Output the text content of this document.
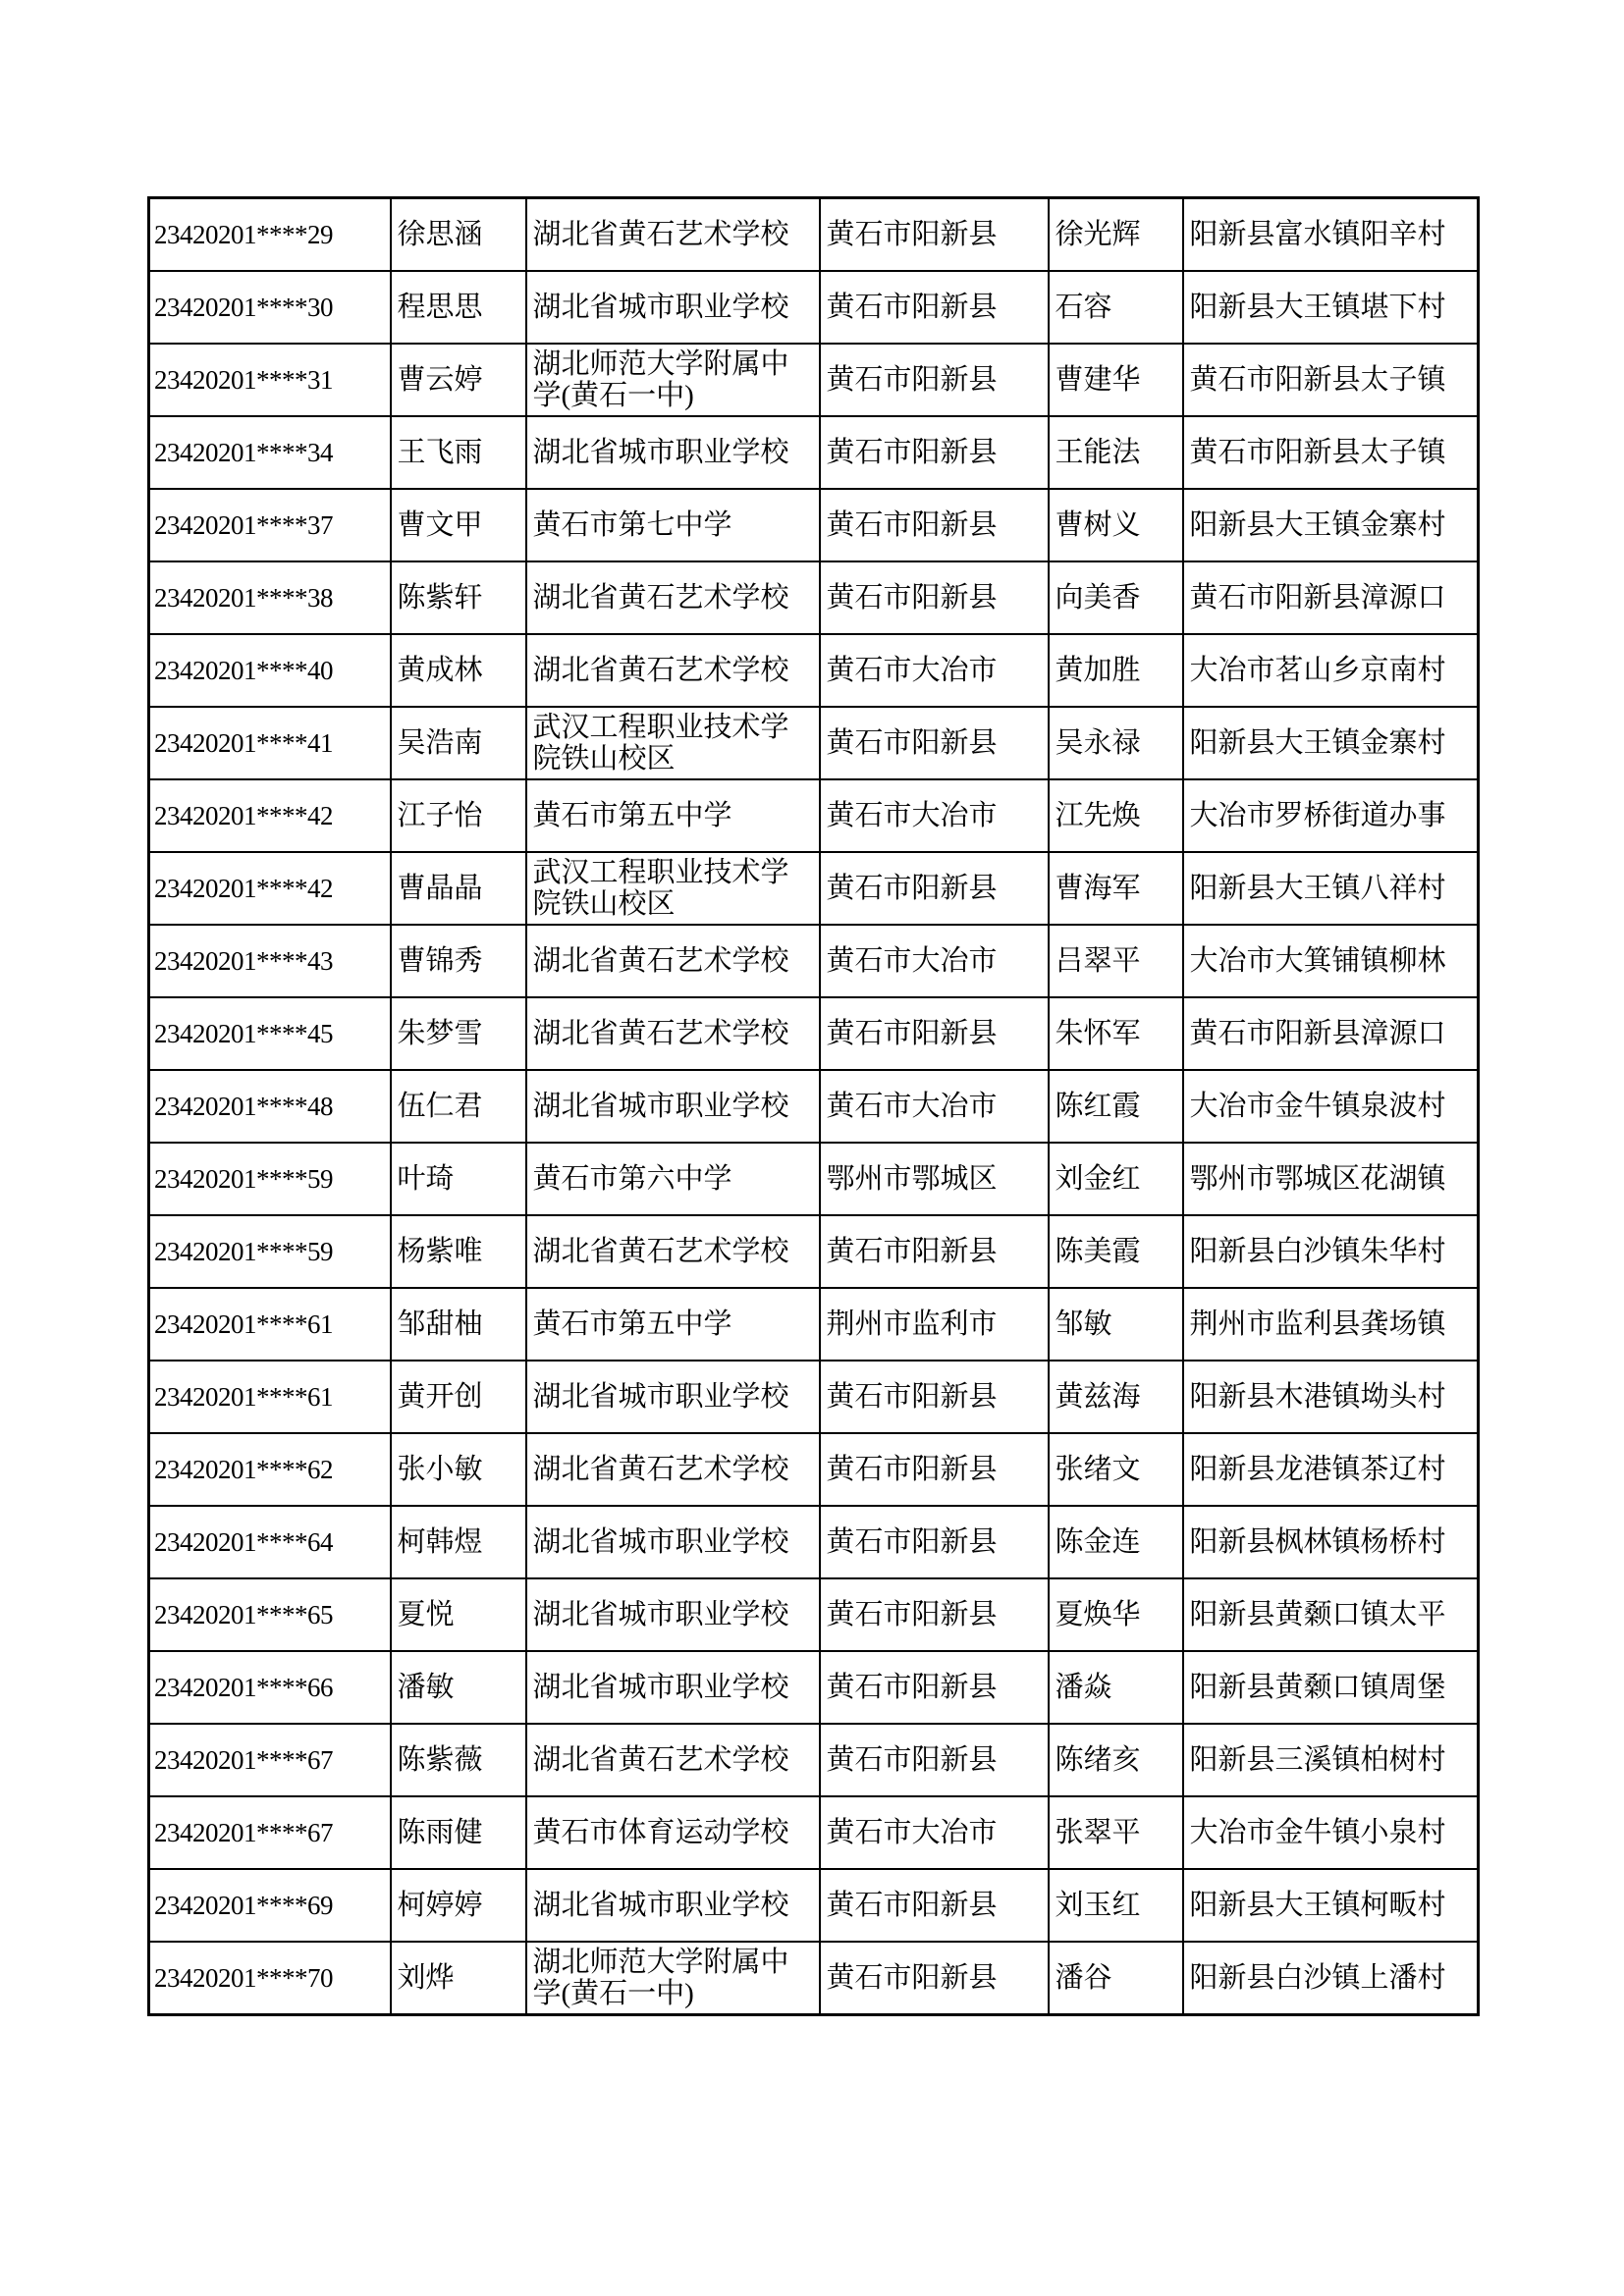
23420201****29	徐思涵	湖北省黄石艺术学校	黄石市阳新县	徐光辉	阳新县富水镇阳辛村
23420201****30	程思思	湖北省城市职业学校	黄石市阳新县	石容	阳新县大王镇堪下村
23420201****31	曹云婷	湖北师范大学附属中学(黄石一中)	黄石市阳新县	曹建华	黄石市阳新县太子镇
23420201****34	王飞雨	湖北省城市职业学校	黄石市阳新县	王能法	黄石市阳新县太子镇
23420201****37	曹文甲	黄石市第七中学	黄石市阳新县	曹树义	阳新县大王镇金寨村
23420201****38	陈紫轩	湖北省黄石艺术学校	黄石市阳新县	向美香	黄石市阳新县漳源口
23420201****40	黄成林	湖北省黄石艺术学校	黄石市大冶市	黄加胜	大冶市茗山乡京南村
23420201****41	吴浩南	武汉工程职业技术学院铁山校区	黄石市阳新县	吴永禄	阳新县大王镇金寨村
23420201****42	江子怡	黄石市第五中学	黄石市大冶市	江先焕	大冶市罗桥街道办事
23420201****42	曹晶晶	武汉工程职业技术学院铁山校区	黄石市阳新县	曹海军	阳新县大王镇八祥村
23420201****43	曹锦秀	湖北省黄石艺术学校	黄石市大冶市	吕翠平	大冶市大箕铺镇柳林
23420201****45	朱梦雪	湖北省黄石艺术学校	黄石市阳新县	朱怀军	黄石市阳新县漳源口
23420201****48	伍仁君	湖北省城市职业学校	黄石市大冶市	陈红霞	大冶市金牛镇泉波村
23420201****59	叶琦	黄石市第六中学	鄂州市鄂城区	刘金红	鄂州市鄂城区花湖镇
23420201****59	杨紫唯	湖北省黄石艺术学校	黄石市阳新县	陈美霞	阳新县白沙镇朱华村
23420201****61	邹甜柚	黄石市第五中学	荆州市监利市	邹敏	荆州市监利县龚场镇
23420201****61	黄开创	湖北省城市职业学校	黄石市阳新县	黄兹海	阳新县木港镇坳头村
23420201****62	张小敏	湖北省黄石艺术学校	黄石市阳新县	张绪文	阳新县龙港镇茶辽村
23420201****64	柯韩煜	湖北省城市职业学校	黄石市阳新县	陈金连	阳新县枫林镇杨桥村
23420201****65	夏悦	湖北省城市职业学校	黄石市阳新县	夏焕华	阳新县黄颡口镇太平
23420201****66	潘敏	湖北省城市职业学校	黄石市阳新县	潘焱	阳新县黄颡口镇周堡
23420201****67	陈紫薇	湖北省黄石艺术学校	黄石市阳新县	陈绪亥	阳新县三溪镇柏树村
23420201****67	陈雨健	黄石市体育运动学校	黄石市大冶市	张翠平	大冶市金牛镇小泉村
23420201****69	柯婷婷	湖北省城市职业学校	黄石市阳新县	刘玉红	阳新县大王镇柯畈村
23420201****70	刘烨	湖北师范大学附属中学(黄石一中)	黄石市阳新县	潘谷	阳新县白沙镇上潘村
